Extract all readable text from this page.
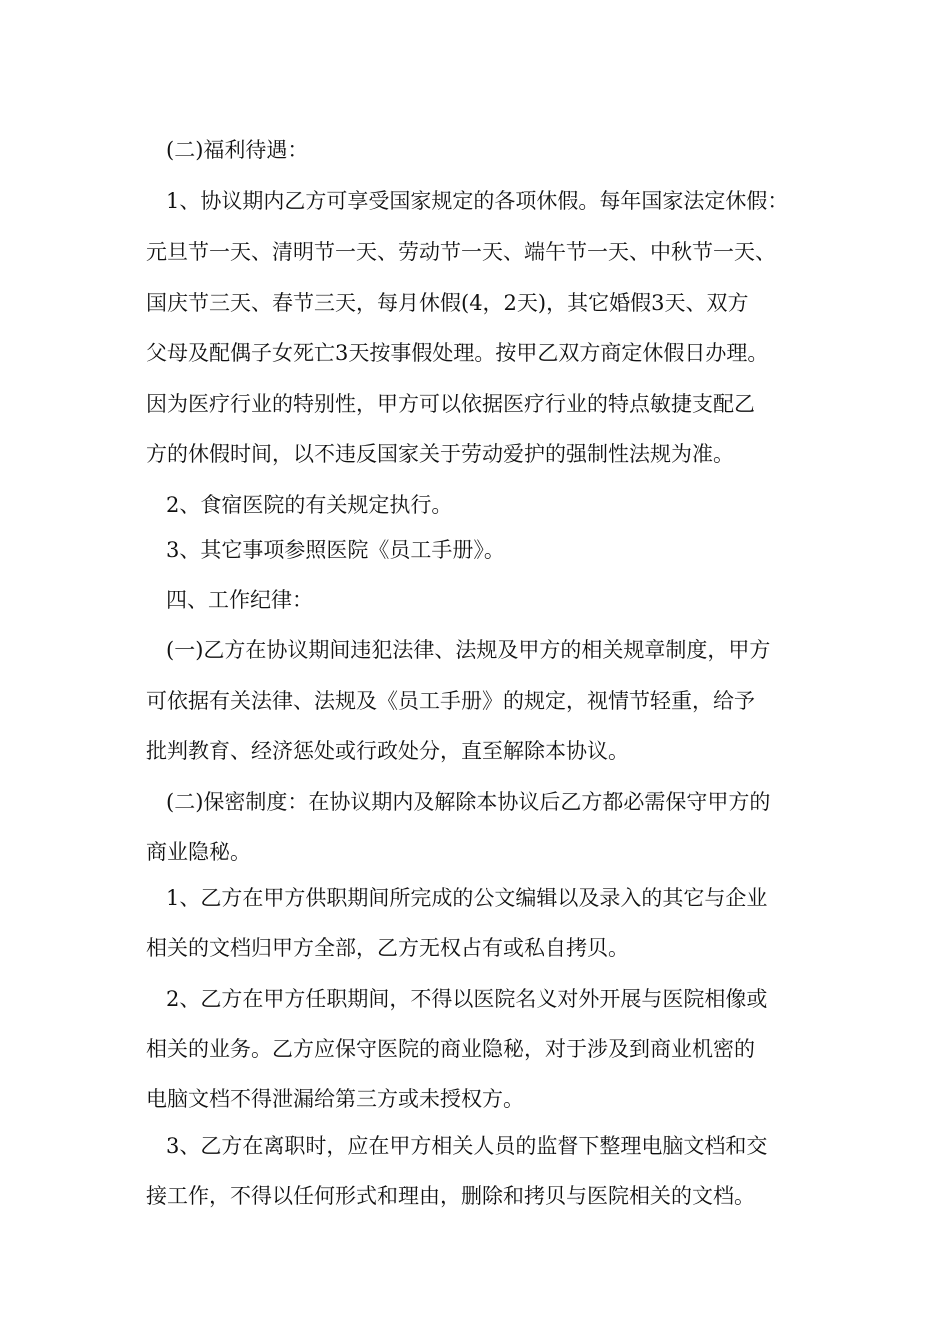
(二)福利待遇：
1、协议期内乙方可享受国家规定的各项休假。每年国家法定休假：
元旦节一天、清明节一天、劳动节一天、端午节一天、中秋节一天、
国庆节三天、春节三天，每月休假(4，2天)，其它婚假3天、双方
父母及配偶子女死亡3天按事假处理。按甲乙双方商定休假日办理。
因为医疗行业的特别性，甲方可以依据医疗行业的特点敏捷支配乙
方的休假时间，以不违反国家关于劳动爱护的强制性法规为准。
2、食宿医院的有关规定执行。
3、其它事项参照医院《员工手册》。
四、工作纪律：
(一)乙方在协议期间违犯法律、法规及甲方的相关规章制度，甲方
可依据有关法律、法规及《员工手册》的规定，视情节轻重，给予
批判教育、经济惩处或行政处分，直至解除本协议。
(二)保密制度：在协议期内及解除本协议后乙方都必需保守甲方的
商业隐秘。
1、乙方在甲方供职期间所完成的公文编辑以及录入的其它与企业
相关的文档归甲方全部，乙方无权占有或私自拷贝。
2、乙方在甲方任职期间，不得以医院名义对外开展与医院相像或
相关的业务。乙方应保守医院的商业隐秘，对于涉及到商业机密的
电脑文档不得泄漏给第三方或未授权方。
3、乙方在离职时，应在甲方相关人员的监督下整理电脑文档和交
接工作，不得以任何形式和理由，删除和拷贝与医院相关的文档。
